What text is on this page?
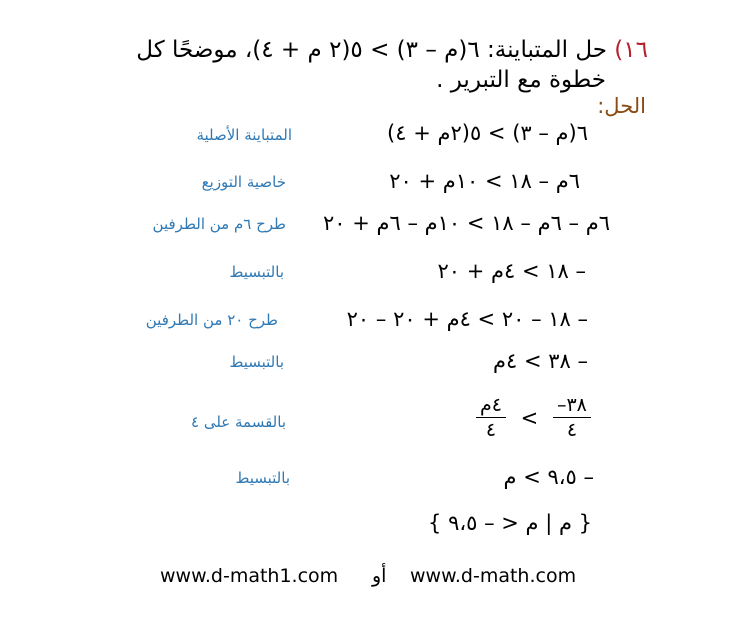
١٦) حل المتباينة: ٦(م – ٣) > ٥(٢ م + ٤)، موضحًا كل
خطوة مع التبرير .
الحل:
٦(م – ٣) > ٥(٢م + ٤)
المتباينة الأصلية
٦م – ١٨ > ١٠م + ٢٠
خاصية التوزيع
٦م – ٦م – ١٨ > ١٠م – ٦م + ٢٠
طرح ٦م من الطرفين
– ١٨ > ٤م + ٢٠
بالتبسيط
– ١٨ – ٢٠ > ٤م + ٢٠ – ٢٠
طرح ٢٠ من الطرفين
– ٣٨ > ٤م
بالتبسيط
$\frac{\text{٤م}}{٤} < \frac{-٣٨}{٤}$
بالقسمة على ٤
– ٩،٥ > م
بالتبسيط
{ م | م < – ٩،٥ }
www.d-math.com
أو
www.d-math1.com
